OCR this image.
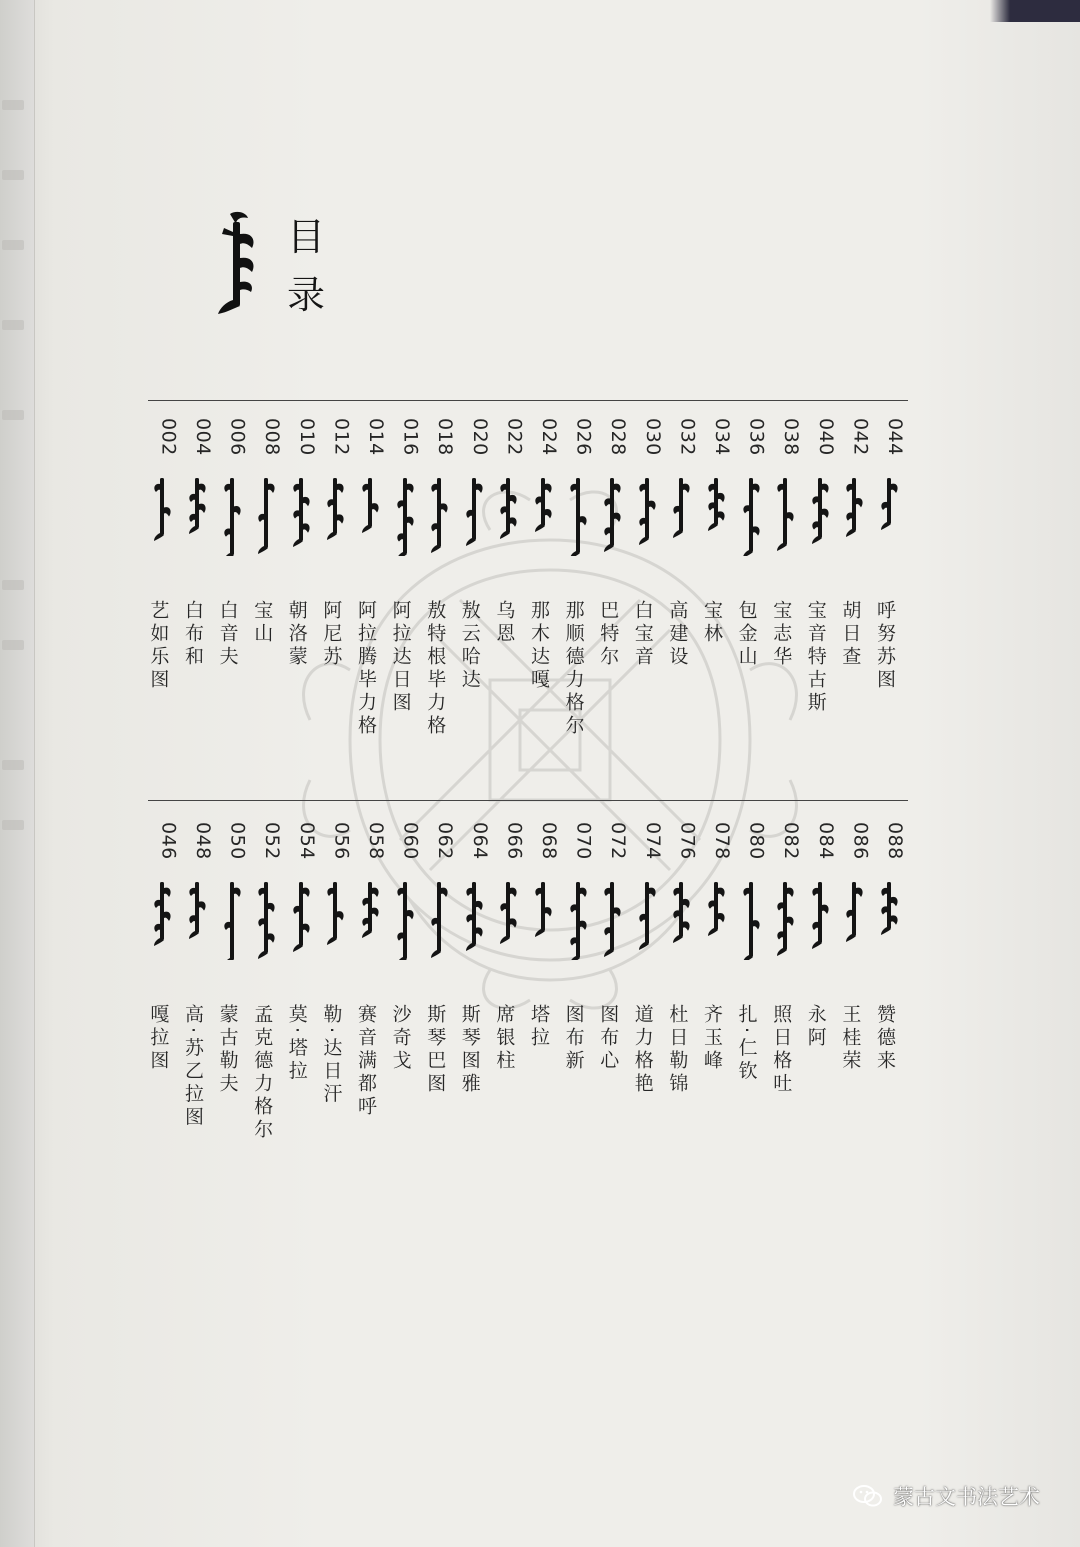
目
录
044
呼努苏图
042
胡日查
040
宝音特古斯
038
宝志华
036
包金山
034
宝林
032
高建设
030
白宝音
028
巴特尔
026
那顺德力格尔
024
那木达嘎
022
乌恩
020
敖云哈达
018
敖特根毕力格
016
阿拉达日图
014
阿拉腾毕力格
012
阿尼苏
010
朝洛蒙
008
宝山
006
白音夫
004
白布和
002
艺如乐图
088
赞德来
086
王桂荣
084
永阿
082
照日格吐
080
扎·仁钦
078
齐玉峰
076
杜日勒锦
074
道力格艳
072
图布心
070
图布新
068
塔拉
066
席银柱
064
斯琴图雅
062
斯琴巴图
060
沙奇戈
058
赛音满都呼
056
勒·达日汗
054
莫·塔拉
052
孟克德力格尔
050
蒙古勒夫
048
高·苏乙拉图
046
嘎拉图
蒙古文书法艺术
